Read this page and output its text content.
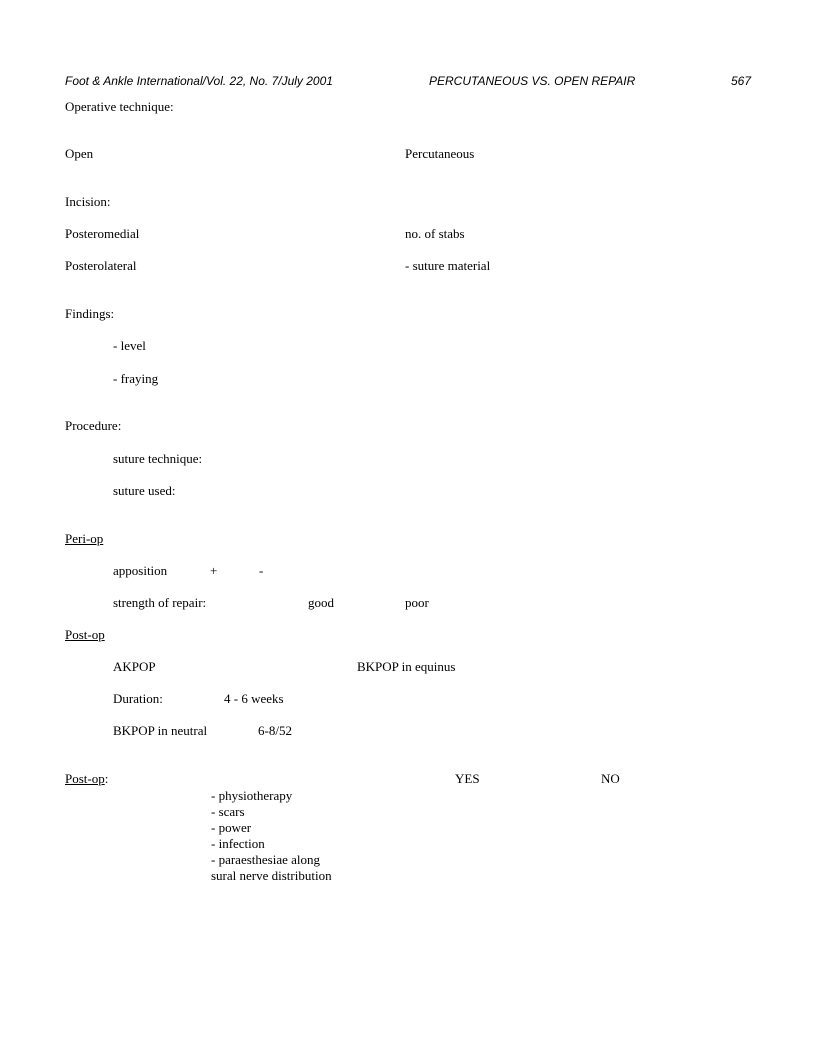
Foot & Ankle International/Vol. 22, No. 7/July 2001	PERCUTANEOUS VS. OPEN REPAIR	567
Operative technique:
Open	Percutaneous
Incision:
Posteromedial	no. of stabs
Posterolateral	- suture material
Findings:
- level
- fraying
Procedure:
suture technique:
suture used:
Peri-op
apposition	+	-
strength of repair:	good	poor
Post-op
AKPOP	BKPOP in equinus
Duration:	4 - 6 weeks
BKPOP in neutral	6-8/52
Post-op:	YES	NO
- physiotherapy
- scars
- power
- infection
- paraesthesiae along
sural nerve distribution
